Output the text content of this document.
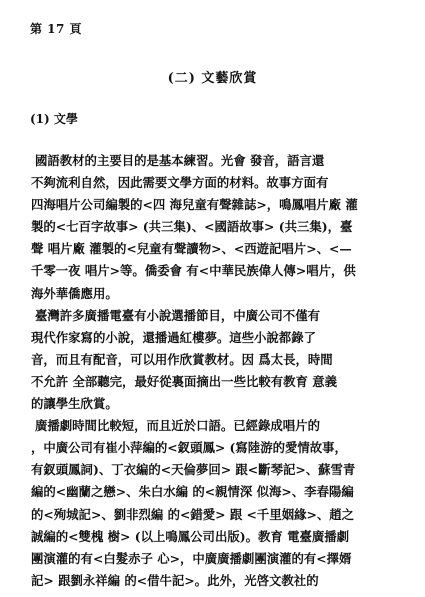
第 17 頁
(二) 文藝欣賞
(1) 文學
國語教材的主要目的是基本練習。光會 發音，語言還
不夠流利自然，因此需要文學方面的材料。故事方面有
四海唱片公司編製的<四 海兒童有聲雜誌>，鳴鳳唱片廠 灌
製的<七百字故事> (共三集)、<國語故事> (共三集)，臺
聲 唱片廠 灌製的<兒童有聲讀物>、<西遊記唱片>、<—
千零一夜 唱片>等。僑委會 有<中華民族偉人傳>唱片，供
海外華僑應用。
臺灣許多廣播電臺有小說選播節目，中廣公司不僅有
現代作家寫的小說，還播過紅樓夢。這些小說都錄了
音，而且有配音，可以用作欣賞教材。因 爲太長，時間
不允許 全部聽完，最好從裏面摘出一些比較有教育 意義
的讓學生欣賞。
廣播劇時間比較短，而且近於口語。已經錄成唱片的
，中廣公司有崔小萍編的<釵頭鳳> (寫陸游的愛情故事，
有釵頭鳳詞)、丁衣編的<天倫夢回> 跟<斷琴記>、蘇雪青
編的<幽蘭之戀>、朱白水編 的<親情深 似海>、李春陽編
的<殉城記>、劉非烈編 的<錯愛> 跟 <千里姻緣>、趙之
誠編的<雙槐 樹> (以上鳴鳳公司出版)。教育 電臺廣播劇
團演灌的有<白髮赤子 心>，中廣廣播劇團演灌的有<擇婿
記> 跟劉永祥編 的<借牛記>。此外，光啓文教社的
